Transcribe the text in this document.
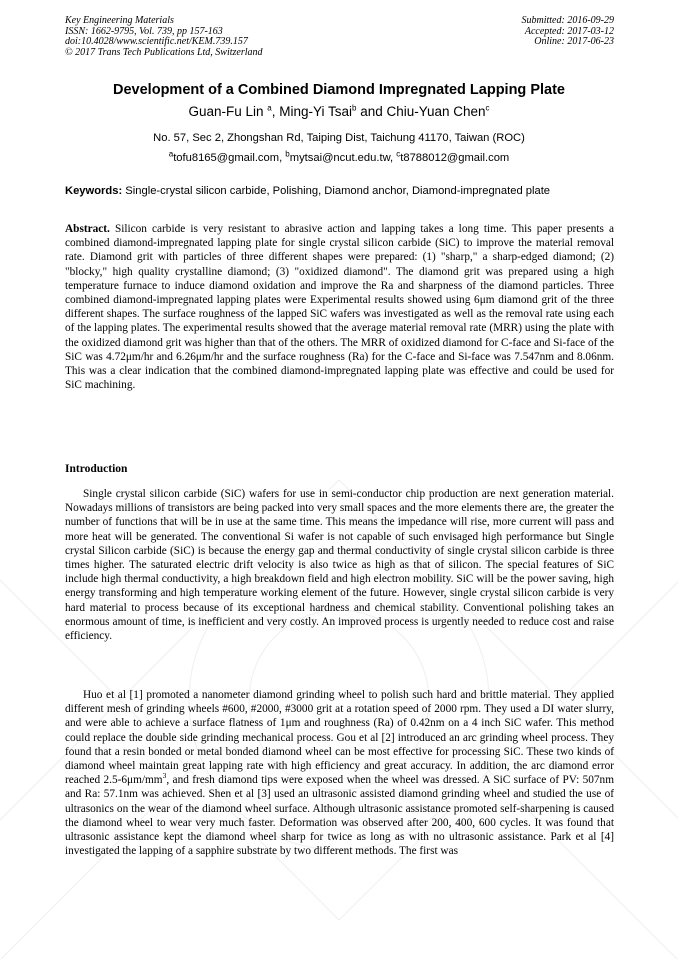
Key Engineering Materials
ISSN: 1662-9795, Vol. 739, pp 157-163
doi:10.4028/www.scientific.net/KEM.739.157
© 2017 Trans Tech Publications Ltd, Switzerland
Submitted: 2016-09-29
Accepted: 2017-03-12
Online: 2017-06-23
Development of a Combined Diamond Impregnated Lapping Plate
Guan-Fu Lin $^a$, Ming-Yi Tsai$^b$ and Chiu-Yuan Chen$^c$
No. 57, Sec 2, Zhongshan Rd, Taiping Dist, Taichung 41170, Taiwan (ROC)
$^a$tofu8165@gmail.com, $^b$mytsai@ncut.edu.tw, $^c$t8788012@gmail.com
Keywords: Single-crystal silicon carbide, Polishing, Diamond anchor, Diamond-impregnated plate

Abstract. Silicon carbide is very resistant to abrasive action and lapping takes a long time. This paper presents a combined diamond-impregnated lapping plate for single crystal silicon carbide (SiC) to improve the material removal rate. Diamond grit with particles of three different shapes were prepared: (1) "sharp," a sharp-edged diamond; (2) "blocky," high quality crystalline diamond; (3) "oxidized diamond". The diamond grit was prepared using a high temperature furnace to induce diamond oxidation and improve the Ra and sharpness of the diamond particles. Three combined diamond-impregnated lapping plates were Experimental results showed using 6μm diamond grit of the three different shapes. The surface roughness of the lapped SiC wafers was investigated as well as the removal rate using each of the lapping plates. The experimental results showed that the average material removal rate (MRR) using the plate with the oxidized diamond grit was higher than that of the others. The MRR of oxidized diamond for C-face and Si-face of the SiC was 4.72μm/hr and 6.26μm/hr and the surface roughness (Ra) for the C-face and Si-face was 7.547nm and 8.06nm. This was a clear indication that the combined diamond-impregnated lapping plate was effective and could be used for SiC machining.

Introduction

Single crystal silicon carbide (SiC) wafers for use in semi-conductor chip production are next generation material. Nowadays millions of transistors are being packed into very small spaces and the more elements there are, the greater the number of functions that will be in use at the same time. This means the impedance will rise, more current will pass and more heat will be generated. The conventional Si wafer is not capable of such envisaged high performance but Single crystal Silicon carbide (SiC) is because the energy gap and thermal conductivity of single crystal silicon carbide is three times higher. The saturated electric drift velocity is also twice as high as that of silicon. The special features of SiC include high thermal conductivity, a high breakdown field and high electron mobility. SiC will be the power saving, high energy transforming and high temperature working element of the future. However, single crystal silicon carbide is very hard material to process because of its exceptional hardness and chemical stability. Conventional polishing takes an enormous amount of time, is inefficient and very costly. An improved process is urgently needed to reduce cost and raise efficiency.

Huo et al [1] promoted a nanometer diamond grinding wheel to polish such hard and brittle material. They applied different mesh of grinding wheels #600, #2000, #3000 grit at a rotation speed of 2000 rpm. They used a DI water slurry, and were able to achieve a surface flatness of 1μm and roughness (Ra) of 0.42nm on a 4 inch SiC wafer. This method could replace the double side grinding mechanical process. Gou et al [2] introduced an arc grinding wheel process. They found that a resin bonded or metal bonded diamond wheel can be most effective for processing SiC. These two kinds of diamond wheel maintain great lapping rate with high efficiency and great accuracy. In addition, the arc diamond error reached $2.5-6\mu m/mm^3$, and fresh diamond tips were exposed when the wheel was dressed. A SiC surface of PV: 507nm and Ra: 57.1nm was achieved. Shen et al [3] used an ultrasonic assisted diamond grinding wheel and studied the use of ultrasonics on the wear of the diamond wheel surface. Although ultrasonic assistance promoted self-sharpening is caused the diamond wheel to wear very much faster. Deformation was observed after 200, 400, 600 cycles. It was found that ultrasonic assistance kept the diamond wheel sharp for twice as long as with no ultrasonic assistance. Park et al [4] investigated the lapping of a sapphire substrate by two different methods. The first was
